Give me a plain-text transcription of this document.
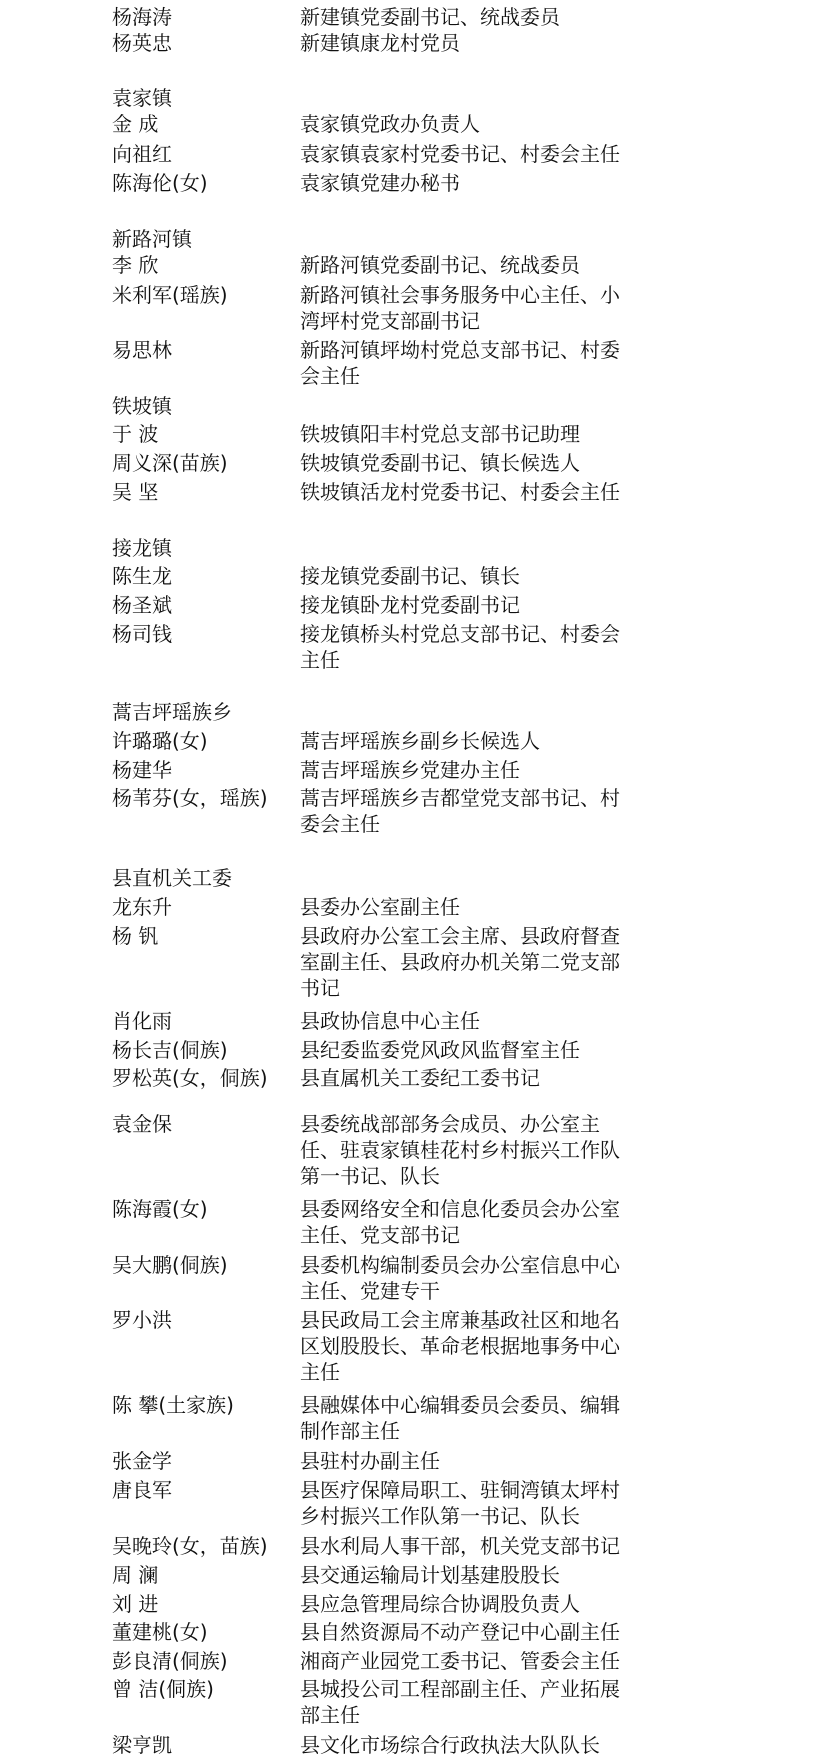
杨海涛	新建镇党委副书记、统战委员
杨英忠	新建镇康龙村党员
袁家镇
金 成	袁家镇党政办负责人
向祖红	袁家镇袁家村党委书记、村委会主任
陈海伦(女)	袁家镇党建办秘书
新路河镇
李 欣	新路河镇党委副书记、统战委员
米利军(瑶族)	新路河镇社会事务服务中心主任、小
湾坪村党支部副书记
易思林	新路河镇坪坳村党总支部书记、村委
会主任
铁坡镇
于 波	铁坡镇阳丰村党总支部书记助理
周义深(苗族)	铁坡镇党委副书记、镇长候选人
吴 坚	铁坡镇活龙村党委书记、村委会主任
接龙镇
陈生龙	接龙镇党委副书记、镇长
杨圣斌	接龙镇卧龙村党委副书记
杨司钱	接龙镇桥头村党总支部书记、村委会
主任
蒿吉坪瑶族乡
许璐璐(女)	蒿吉坪瑶族乡副乡长候选人
杨建华	蒿吉坪瑶族乡党建办主任
杨苇芬(女，瑶族)	蒿吉坪瑶族乡吉都堂党支部书记、村
委会主任
县直机关工委
龙东升	县委办公室副主任
杨 钒	县政府办公室工会主席、县政府督查
室副主任、县政府办机关第二党支部
书记
肖化雨	县政协信息中心主任
杨长吉(侗族)	县纪委监委党风政风监督室主任
罗松英(女，侗族)	县直属机关工委纪工委书记
袁金保	县委统战部部务会成员、办公室主
任、驻袁家镇桂花村乡村振兴工作队
第一书记、队长
陈海霞(女)	县委网络安全和信息化委员会办公室
主任、党支部书记
吴大鹏(侗族)	县委机构编制委员会办公室信息中心
主任、党建专干
罗小洪	县民政局工会主席兼基政社区和地名
区划股股长、革命老根据地事务中心
主任
陈 攀(土家族)	县融媒体中心编辑委员会委员、编辑
制作部主任
张金学	县驻村办副主任
唐良军	县医疗保障局职工、驻铜湾镇太坪村
乡村振兴工作队第一书记、队长
吴晚玲(女，苗族)	县水利局人事干部，机关党支部书记
周 澜	县交通运输局计划基建股股长
刘 进	县应急管理局综合协调股负责人
董建桃(女)	县自然资源局不动产登记中心副主任
彭良清(侗族)	湘商产业园党工委书记、管委会主任
曾 洁(侗族)	县城投公司工程部副主任、产业拓展
部主任
梁亨凯	县文化市场综合行政执法大队队长
